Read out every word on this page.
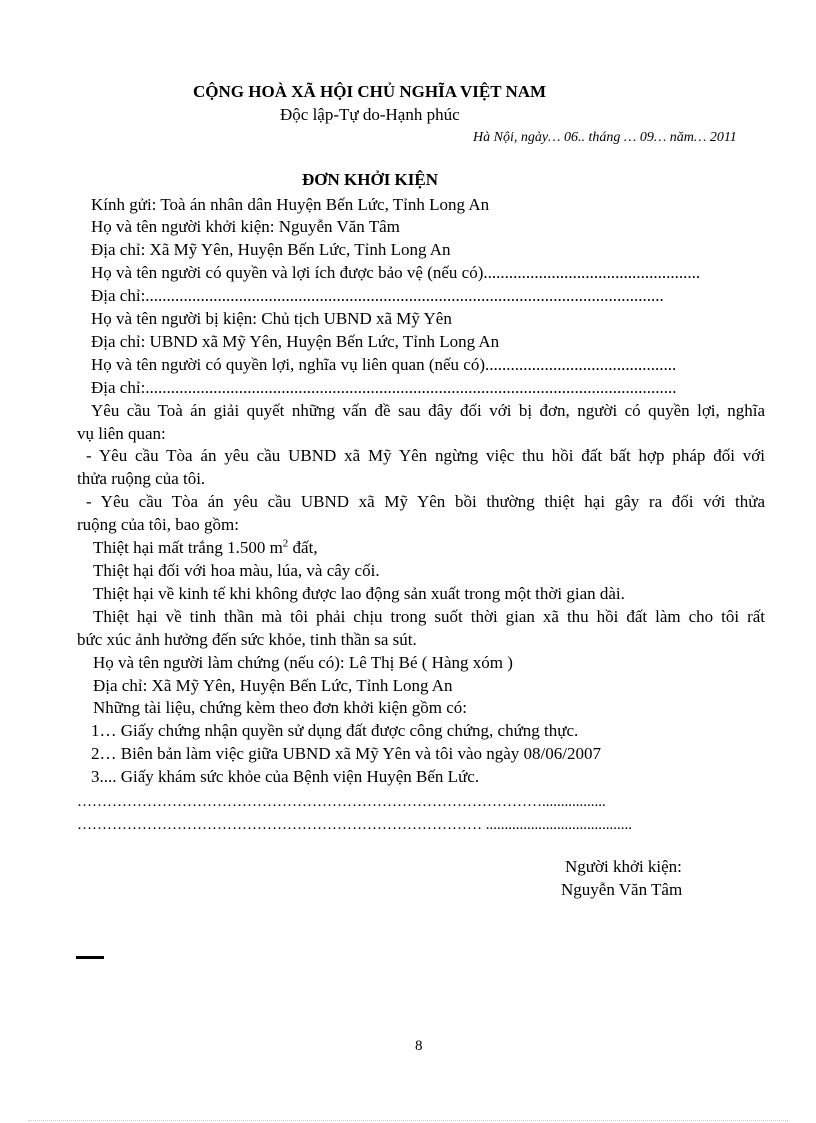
CỘNG HOÀ XÃ HỘI CHỦ NGHĨA VIỆT NAM
Độc lập-Tự do-Hạnh phúc
Hà Nội, ngày… 06.. tháng … 09… năm… 2011
ĐƠN KHỞI KIỆN
Kính gửi: Toà án nhân dân Huyện Bến Lức, Tỉnh Long An
Họ và tên người khởi kiện: Nguyễn Văn Tâm
Địa chỉ: Xã Mỹ Yên, Huyện Bến Lức, Tỉnh Long An
Họ và tên người có quyền và lợi ích được bảo vệ (nếu có)...................................................
Địa chỉ:..........................................................................................................................
Họ và tên người bị kiện: Chủ tịch UBND xã Mỹ Yên
Địa chỉ: UBND xã Mỹ Yên, Huyện Bến Lức, Tỉnh Long An
Họ và tên người có quyền lợi, nghĩa vụ liên quan (nếu có).............................................
Địa chỉ:.............................................................................................................................
Yêu cầu Toà án giải quyết những vấn đề sau đây đối với bị đơn, người có quyền lợi, nghĩa
vụ liên quan:
- Yêu cầu Tòa án yêu cầu UBND xã Mỹ Yên ngừng việc thu hồi đất bất hợp pháp đối với
thửa ruộng của tôi.
- Yêu cầu Tòa án yêu cầu UBND xã Mỹ Yên bồi thường thiệt hại gây ra đối với thửa
ruộng của tôi, bao gồm:
Thiệt hại mất trắng 1.500 $m^2$ đất,
Thiệt hại đối với hoa màu, lúa, và cây cối.
Thiệt hại về kinh tế khi không được lao động sản xuất trong một thời gian dài.
Thiệt hại về tinh thần mà tôi phải chịu trong suốt thời gian xã thu hồi đất làm cho tôi rất
bức xúc ảnh hưởng đến sức khỏe, tinh thần sa sút.
Họ và tên người làm chứng (nếu có): Lê Thị Bé ( Hàng xóm )
Địa chỉ: Xã Mỹ Yên, Huyện Bến Lức, Tỉnh Long An
Những tài liệu, chứng kèm theo đơn khởi kiện gồm có:
1… Giấy chứng nhận quyền sử dụng đất được công chứng, chứng thực.
2… Biên bản làm việc giữa UBND xã Mỹ Yên và tôi vào ngày 08/06/2007
3.... Giấy khám sức khỏe của Bệnh viện Huyện Bến Lức.
………………………………………………………………………………….................
……………………………………………………………………… .......................................
Người khởi kiện:
Nguyễn Văn Tâm
8
